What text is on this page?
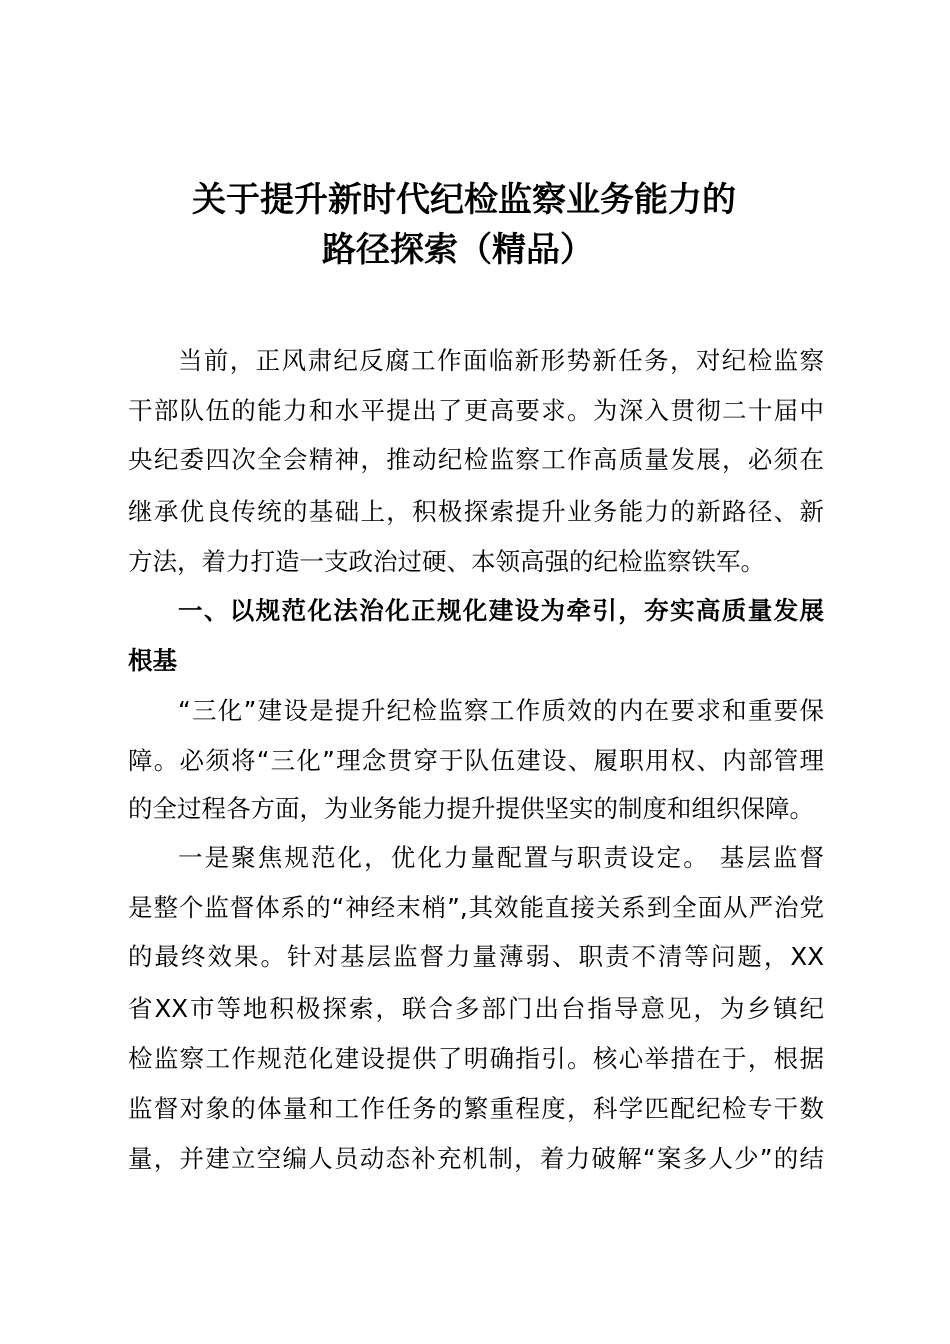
关于提升新时代纪检监察业务能力的
路径探索（精品）
当前，正风肃纪反腐工作面临新形势新任务，对纪检监察
干部队伍的能力和水平提出了更高要求。为深入贯彻二十届中
央纪委四次全会精神，推动纪检监察工作高质量发展，必须在
继承优良传统的基础上，积极探索提升业务能力的新路径、新
方法，着力打造一支政治过硬、本领高强的纪检监察铁军。
一、以规范化法治化正规化建设为牵引，夯实高质量发展
根基
“三化”建设是提升纪检监察工作质效的内在要求和重要保
障。必须将“三化”理念贯穿于队伍建设、履职用权、内部管理
的全过程各方面，为业务能力提升提供坚实的制度和组织保障。
一是聚焦规范化，优化力量配置与职责设定。 基层监督
是整个监督体系的“神经末梢”,其效能直接关系到全面从严治党
的最终效果。针对基层监督力量薄弱、职责不清等问题，XX
省XX市等地积极探索，联合多部门出台指导意见，为乡镇纪
检监察工作规范化建设提供了明确指引。核心举措在于，根据
监督对象的体量和工作任务的繁重程度，科学匹配纪检专干数
量，并建立空编人员动态补充机制，着力破解“案多人少”的结
